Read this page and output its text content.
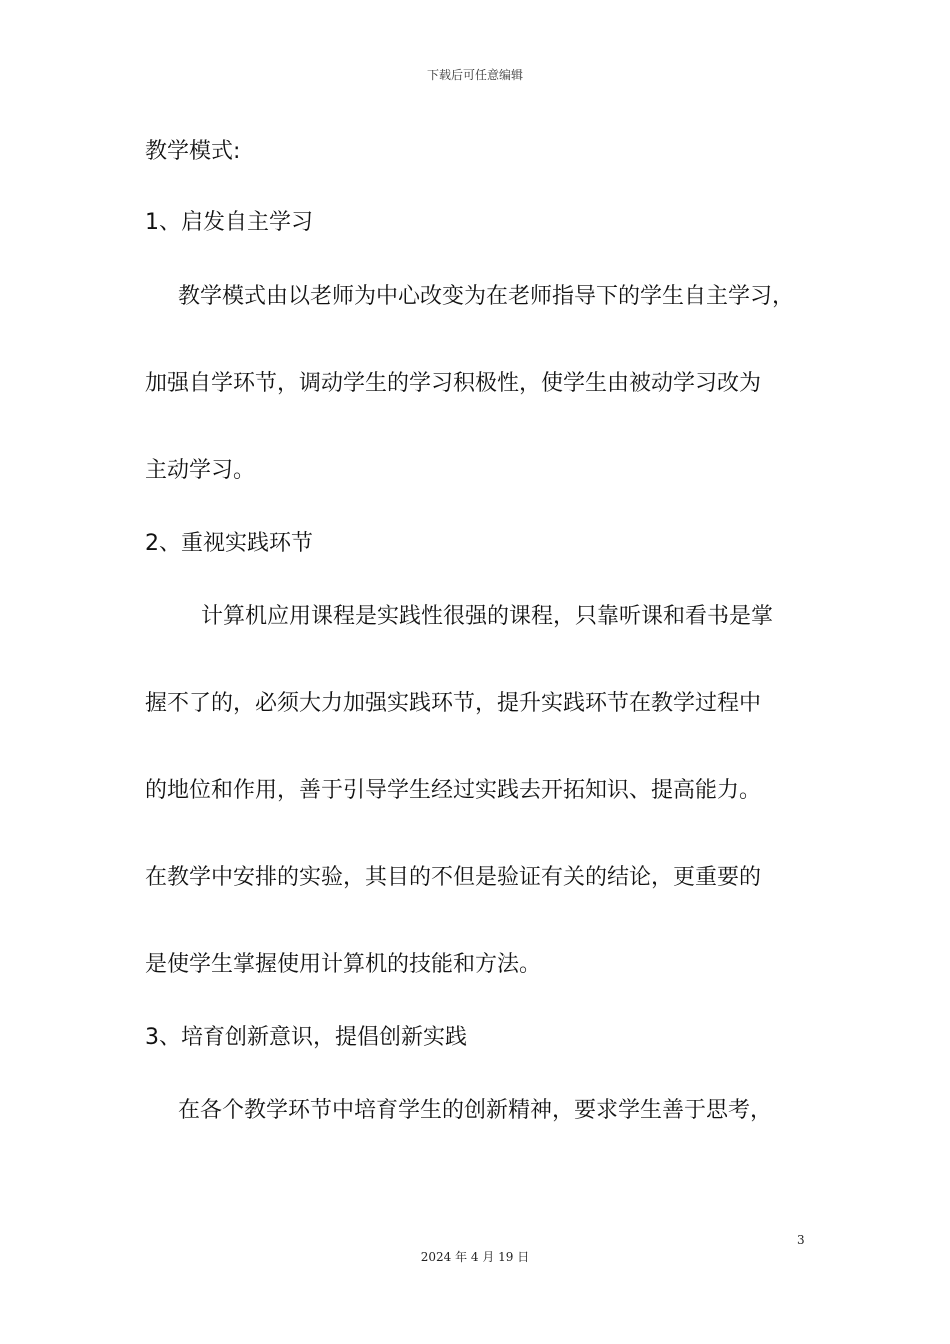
下载后可任意编辑
教学模式:
1、启发自主学习
教学模式由以老师为中心改变为在老师指导下的学生自主学习，
加强自学环节，调动学生的学习积极性，使学生由被动学习改为
主动学习。
2、重视实践环节
计算机应用课程是实践性很强的课程，只靠听课和看书是掌
握不了的，必须大力加强实践环节，提升实践环节在教学过程中
的地位和作用，善于引导学生经过实践去开拓知识、提高能力。
在教学中安排的实验，其目的不但是验证有关的结论，更重要的
是使学生掌握使用计算机的技能和方法。
3、培育创新意识，提倡创新实践
在各个教学环节中培育学生的创新精神，要求学生善于思考，
3
2024 年 4 月 19 日
